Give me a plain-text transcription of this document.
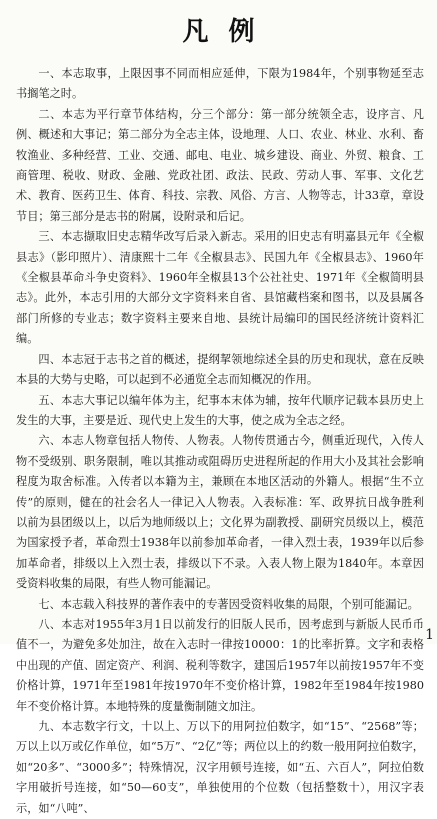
凡例

一、本志取事，上限因事不同而相应延伸，下限为1984年，个别事物延至志书搁笔之时。

二、本志为平行章节体结构，分三个部分：第一部分统领全志，设序言、凡例、概述和大事记；第二部分为全志主体，设地理、人口、农业、林业、水利、畜牧渔业、多种经营、工业、交通、邮电、电业、城乡建设、商业、外贸、粮食、工商管理、税收、财政、金融、党政社团、政法、民政、劳动人事、军事、文化艺术、教育、医药卫生、体育、科技、宗教、风俗、方言、人物等志，计33章，章设节目；第三部分是志书的附属，设附录和后记。

三、本志撷取旧史志精华改写后录入新志。采用的旧史志有明嘉县元年《全椒县志》（影印照片）、清康熙十二年《全椒县志》、民国九年《全椒县志》、1960年《全椒县革命斗争史资料》、1960年全椒县13个公社社史、1971年《全椒简明县志》。此外，本志引用的大部分文字资料来自省、县馆藏档案和图书，以及县属各部门所修的专业志；数字资料主要来自地、县统计局编印的国民经济统计资料汇编。

四、本志冠于志书之首的概述，提纲挈领地综述全县的历史和现状，意在反映本县的大势与史略，可以起到不必通览全志而知概况的作用。

五、本志大事记以编年体为主，纪事本末体为辅，按年代顺序记载本县历史上发生的大事，主要是近、现代史上发生的大事，使之成为全志之经。

六、本志人物章包括人物传、人物表。人物传贯通古今，侧重近现代，入传人物不受级别、职务限制，唯以其推动或阻碍历史进程所起的作用大小及其社会影响程度为取舍标准。入传者以本籍为主，兼顾在本地区活动的外籍人。根据“生不立传”的原则，健在的社会名人一律记入人物表。入表标准：军、政界抗日战争胜利以前为县团级以上，以后为地师级以上；文化界为副教授、副研究员级以上，模范为国家授予者，革命烈士1938年以前参加革命者，一律入烈士表，1939年以后参加革命者，排级以上入烈士表，排级以下不录。入表人物上限为1840年。本章因受资料收集的局限，有些人物可能漏记。

七、本志载入科技界的著作表中的专著因受资料收集的局限，个别可能漏记。

八、本志对1955年3月1日以前发行的旧版人民币，因考虑到与新版人民币币值不一，为避免多处加注，故在入志时一律按10000：1的比率折算。文字和表格中出现的产值、固定资产、利润、税利等数字，建国后1957年以前按1957年不变价格计算，1971年至1981年按1970年不变价格计算，1982年至1984年按1980年不变价格计算。本地特殊的度量衡制随文加注。

九、本志数字行文，十以上、万以下的用阿拉伯数字，如“15”、“2568”等；万以上以万或亿作单位，如“5万”、“2亿”等；两位以上的约数一般用阿拉伯数字，如“20多”、“3000多”；特殊情况，汉字用顿号连接，如“五、六百人”，阿拉伯数字用破折号连接，如“50—60支”，单独使用的个位数（包括整数十），用汉字表示，如“八吨”、

1
